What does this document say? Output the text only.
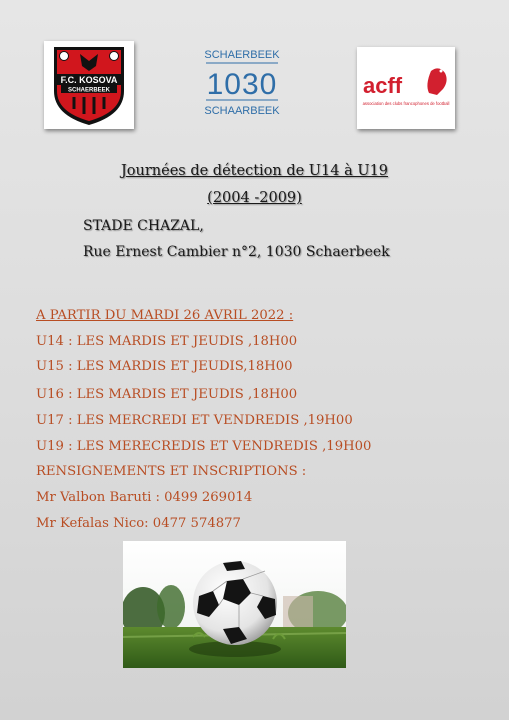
F.C. KOSOVA
SCHAERBEEK
SCHAERBEEK
1030
SCHAARBEEK
acff
association des clubs francophones de football
Journées de détection de U14 à U19
(2004 -2009)
STADE CHAZAL,
Rue Ernest Cambier n°2, 1030 Schaerbeek
A PARTIR DU MARDI 26 AVRIL 2022 :
U14 : LES MARDIS ET JEUDIS ,18H00
U15 : LES MARDIS ET JEUDIS,18H00
U16 : LES MARDIS ET JEUDIS ,18H00
U17 : LES MERCREDI ET VENDREDIS ,19H00
U19 : LES MERECREDIS ET VENDREDIS ,19H00
RENSIGNEMENTS ET INSCRIPTIONS :
Mr Valbon Baruti : 0499 269014
Mr Kefalas Nico: 0477 574877
